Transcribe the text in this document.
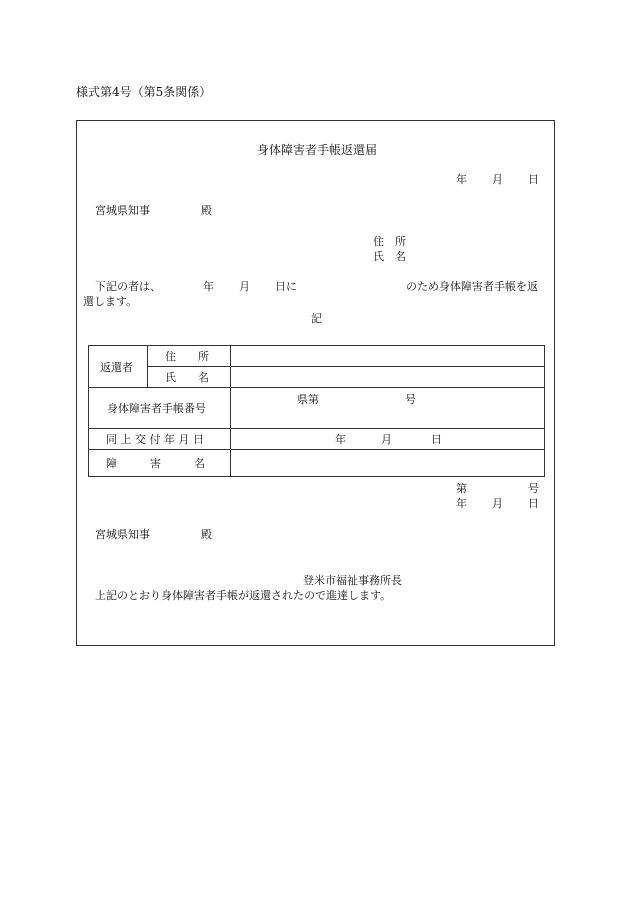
様式第4号（第5条関係）
身体障害者手帳返還届
年 月 日
宮城県知事	殿
住　所
氏　名
下記の者は、	年 月 日に	のため身体障害者手帳を返
還します。
記
返還者	住　　所	

	氏　　名	

身体障害者手帳番号		県第 号

同 上 交 付 年 月 日		年 月 日

障　　　害　　　名		

第	号
年 月 日
宮城県知事	殿
登米市福祉事務所長
上記のとおり身体障害者手帳が返還されたので進達します。
